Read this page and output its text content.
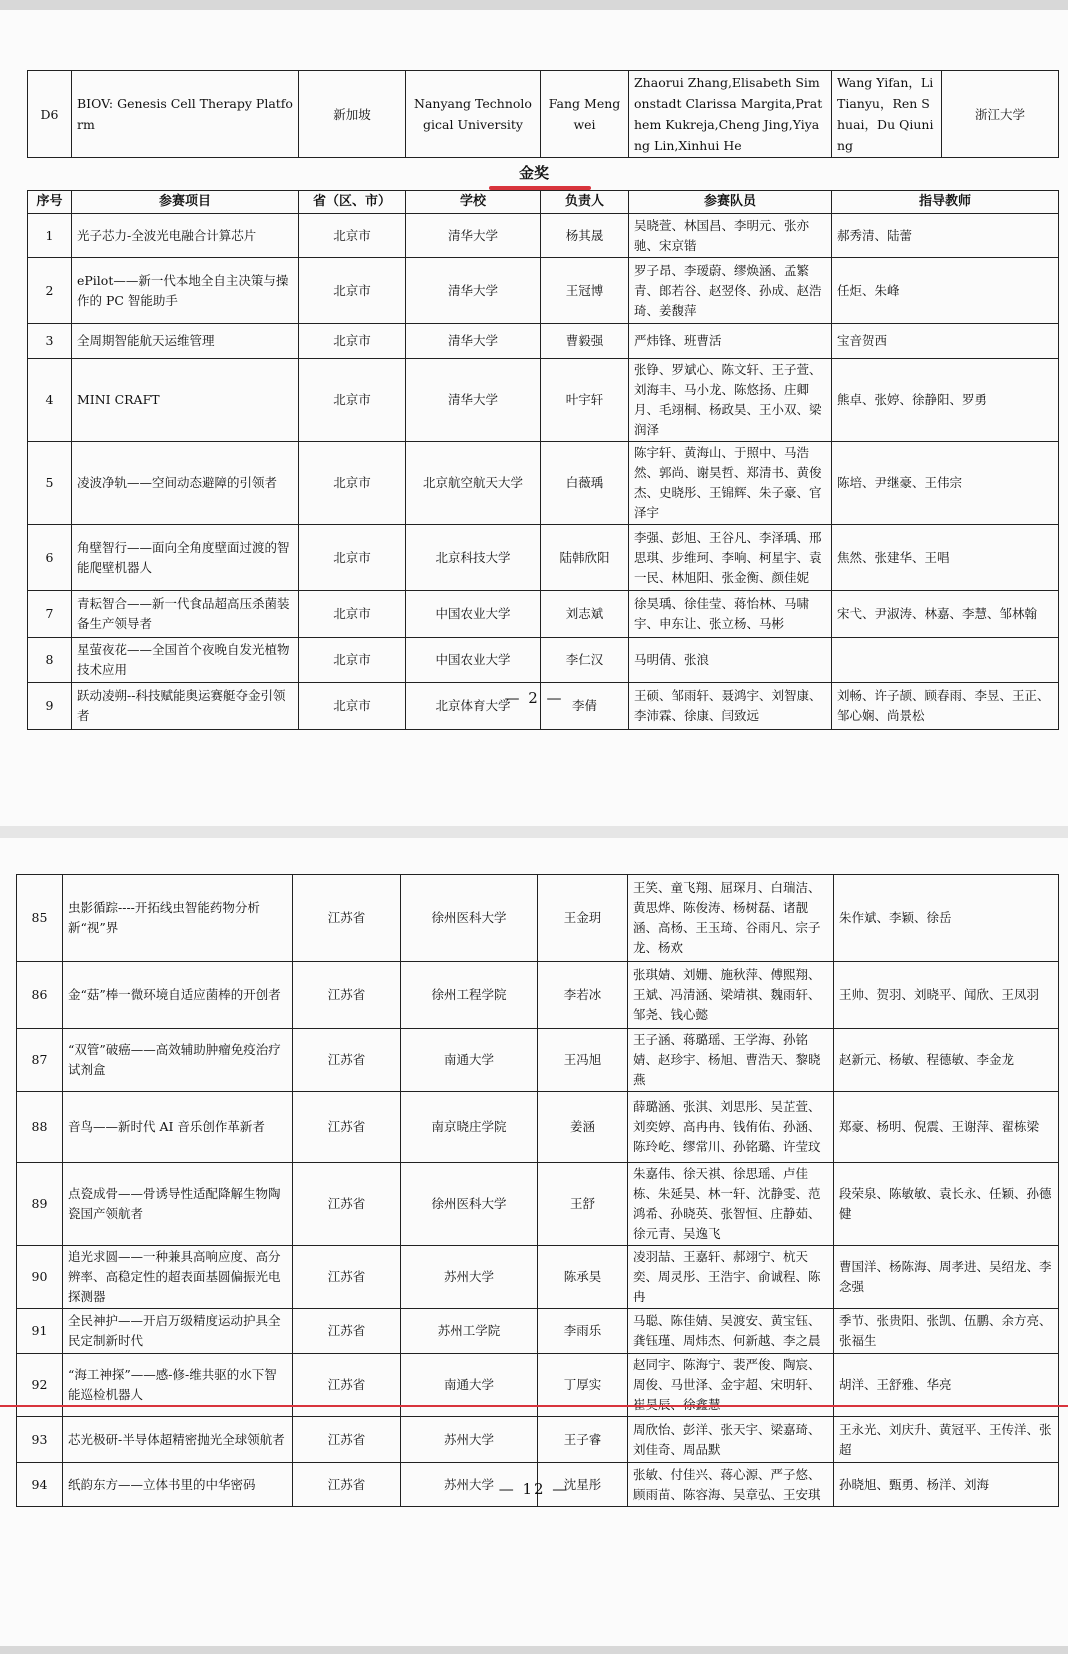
D6	BIOV: Genesis Cell Therapy Platform	新加坡	Nanyang Technological University	Fang Mengwei	Zhaorui Zhang,Elisabeth Simonstadt Clarissa Margita,Prathem Kukreja,Cheng Jing,Yiyang Lin,Xinhui He	Wang Yifan，Li Tianyu，Ren Shuai，Du Qiuning	浙江大学
金奖
序号	参赛项目	省（区、市）	学校	负责人	参赛队员	指导教师
1	光子芯力-全波光电融合计算芯片	北京市	清华大学	杨其晟	吴晓萱、林国昌、李明元、张亦驰、宋京锴	郝秀清、陆蕾
2	ePilot——新一代本地全自主决策与操作的 PC 智能助手	北京市	清华大学	王冠博	罗子昂、李瑷蔚、缪焕涵、孟繁青、郎若谷、赵翌佟、孙成、赵浩琦、姜馥萍	任炬、朱峰
3	全周期智能航天运维管理	北京市	清华大学	曹毅强	严炜锋、班曹活	宝音贺西
4	MINI CRAFT	北京市	清华大学	叶宇轩	张铮、罗斌心、陈文轩、王子萱、刘海丰、马小龙、陈悠扬、庄卿月、毛翊桐、杨政昊、王小双、梁润泽	熊卓、张婷、徐静阳、罗勇
5	凌波净轨——空间动态避障的引领者	北京市	北京航空航天大学	白薇瑀	陈宇轩、黄海山、于照中、马浩然、郭尚、谢昊哲、郑清书、黄俊杰、史晓彤、王锦辉、朱子豪、官泽宇	陈培、尹继豪、王伟宗
6	角壁智行——面向全角度壁面过渡的智能爬壁机器人	北京市	北京科技大学	陆韩欣阳	李强、彭旭、王谷凡、李泽瑀、邢思琪、步维珂、李响、柯星宇、袁一民、林旭阳、张金衡、颜佳妮	焦然、张建华、王唱
7	青耘智合——新一代食品超高压杀菌装备生产领导者	北京市	中国农业大学	刘志斌	徐昊瑀、徐佳莹、蒋怡林、马啸宇、申东让、张立杨、马彬	宋弋、尹淑涛、林嘉、李慧、邹林翰
8	星萤夜花——全国首个夜晚自发光植物技术应用	北京市	中国农业大学	李仁汉	马明倩、张浪	
9	跃动凌朔--科技赋能奥运赛艇夺金引领者	北京市	北京体育大学	李倩	王硕、邹雨轩、聂鸿宇、刘智康、李沛霖、徐康、闫致远	刘畅、许子颉、顾春雨、李昱、王正、邹心娴、尚景松
— 2 —
85	虫影循踪----开拓线虫智能药物分析新“视”界	江苏省	徐州医科大学	王金玥	王笑、童飞翔、屈琛月、白瑞洁、黄思烨、陈俊涛、杨树磊、诸靓涵、高杨、王玉琦、谷雨凡、宗子龙、杨欢	朱作斌、李颖、徐岳
86	金“菇”棒一微环境自适应菌棒的开创者	江苏省	徐州工程学院	李若冰	张琪婧、刘姗、施秋萍、傅熙翔、王斌、冯清涵、梁靖祺、魏雨轩、邹尧、钱心懿	王帅、贺羽、刘晓平、闻欣、王凤羽
87	“双管”破癌——高效辅助肿瘤免疫治疗试剂盒	江苏省	南通大学	王冯旭	王子涵、蒋璐瑶、王学海、孙铭婧、赵珍宇、杨旭、曹浩天、黎晓燕	赵新元、杨敏、程德敏、李金龙
88	音鸟——新时代 AI 音乐创作革新者	江苏省	南京晓庄学院	姜涵	薛璐涵、张淇、刘思彤、吴芷萱、刘奕婷、高冉冉、钱侑佑、孙涵、陈玲屹、缪常川、孙铭璐、许莹玟	郑豪、杨明、倪震、王谢萍、翟栋梁
89	点瓷成骨——骨诱导性适配降解生物陶瓷国产领航者	江苏省	徐州医科大学	王舒	朱嘉伟、徐天祺、徐思瑶、卢佳栋、朱延昊、林一轩、沈静雯、范鸿希、孙晓英、张智恒、庄静茹、徐元青、吴逸飞	段荣泉、陈敏敏、袁长永、任颖、孙德健
90	追光求圆——一种兼具高响应度、高分辨率、高稳定性的超表面基圆偏振光电探测器	江苏省	苏州大学	陈承昊	凌羽喆、王嘉轩、郝翊宁、杭天奕、周灵彤、王浩宇、俞诚程、陈冉	曹国洋、杨陈海、周孝进、吴绍龙、李念强
91	全民神护——开启万级精度运动护具全民定制新时代	江苏省	苏州工学院	李雨乐	马聪、陈佳婧、吴渡安、黄宝钰、龚钰瑾、周炜杰、何新越、李之晨	季节、张贵阳、张凯、伍鹏、余方亮、张福生
92	“海工神探”——感-修-维共驱的水下智能巡检机器人	江苏省	南通大学	丁厚实	赵同宇、陈海宁、裴严俊、陶宸、周俊、马世泽、金宇超、宋明轩、	胡洋、王舒雅、华亮
93	芯光极研-半导体超精密抛光全球领航者	江苏省	苏州大学	王子睿	周欣怡、彭洋、张天宇、梁嘉琦、刘佳奇、周品默	王永光、刘庆升、黄冠平、王传洋、张超
94	纸韵东方——立体书里的中华密码	江苏省	苏州大学	沈星彤	张敏、付佳兴、蒋心源、严子悠、顾雨苗、陈容海、吴章弘、王安琪	孙晓旭、甄勇、杨洋、刘海
— 12 —
